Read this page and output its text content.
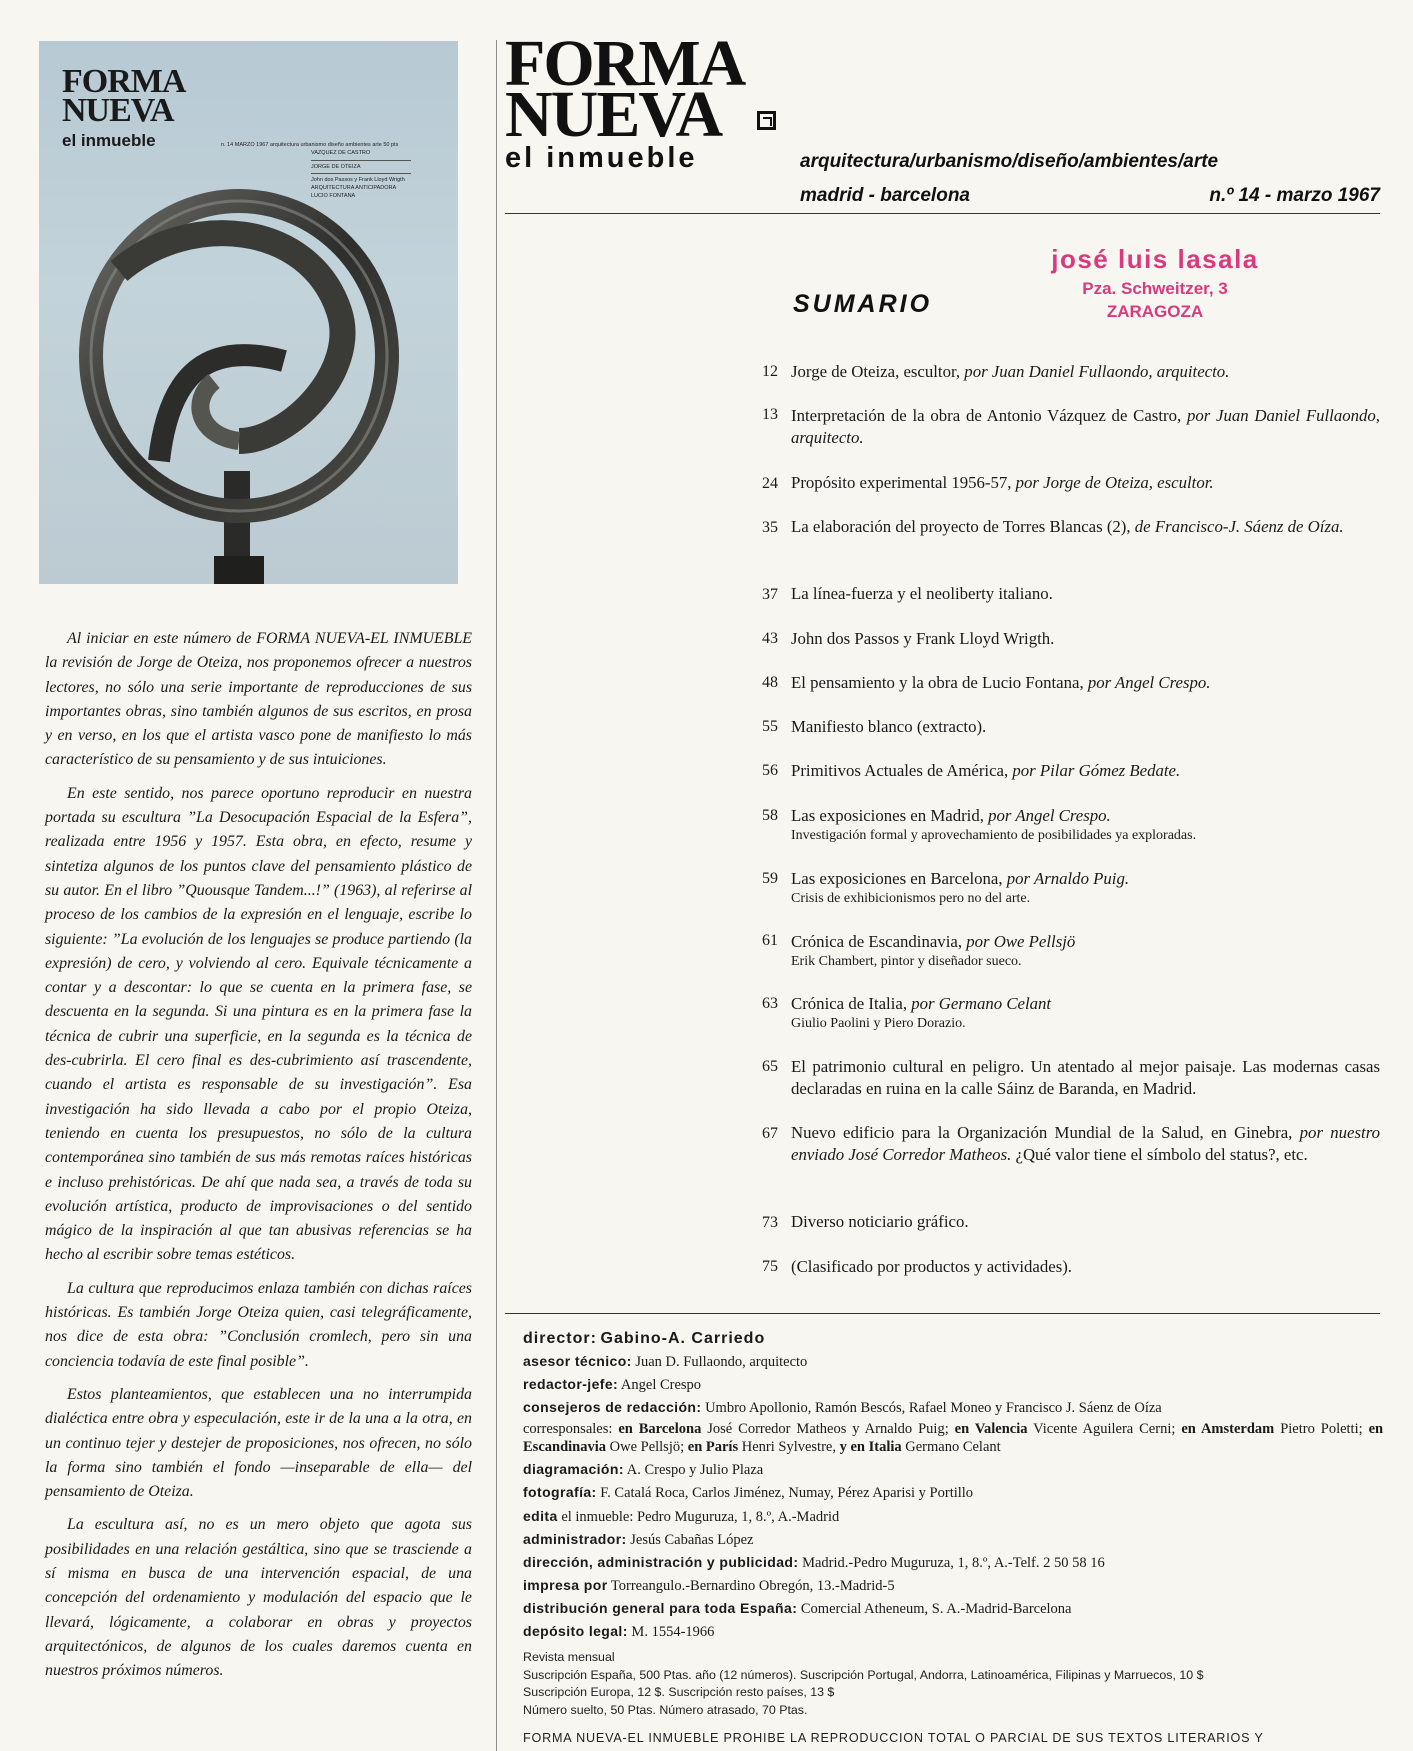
FORMA
NUEVA
el inmueble	n. 14 MARZO 1967 arquitectura urbanismo diseño ambientes arte 50 pts
VAZQUEZ DE CASTRO
JORGE DE OTEIZA
John dos Passos y Frank Lloyd Wrigth
ARQUITECTURA ANTICIPADORA
LUCIO FONTANA

Al iniciar en este número de FORMA NUEVA-EL INMUEBLE la revisión de Jorge de Oteiza, nos proponemos ofrecer a nuestros lectores, no sólo una serie importante de reproducciones de sus importantes obras, sino también algunos de sus escritos, en prosa y en verso, en los que el artista vasco pone de manifiesto lo más característico de su pensamiento y de sus intuiciones.

En este sentido, nos parece oportuno reproducir en nuestra portada su escultura ”La Desocupación Espacial de la Esfera”, realizada entre 1956 y 1957. Esta obra, en efecto, resume y sintetiza algunos de los puntos clave del pensamiento plástico de su autor. En el libro ”Quousque Tandem...!” (1963), al referirse al proceso de los cambios de la expresión en el lenguaje, escribe lo siguiente: ”La evolución de los lenguajes se produce partiendo (la expresión) de cero, y volviendo al cero. Equivale técnicamente a contar y a descontar: lo que se cuenta en la primera fase, se descuenta en la segunda. Si una pintura es en la primera fase la técnica de cubrir una superficie, en la segunda es la técnica de des-cubrirla. El cero final es des-cubrimiento así trascendente, cuando el artista es responsable de su investigación”. Esa investigación ha sido llevada a cabo por el propio Oteiza, teniendo en cuenta los presupuestos, no sólo de la cultura contemporánea sino también de sus más remotas raíces históricas e incluso prehistóricas. De ahí que nada sea, a través de toda su evolución artística, producto de improvisaciones o del sentido mágico de la inspiración al que tan abusivas referencias se ha hecho al escribir sobre temas estéticos.

La cultura que reproducimos enlaza también con dichas raíces históricas. Es también Jorge Oteiza quien, casi telegráficamente, nos dice de esta obra: ”Conclusión cromlech, pero sin una conciencia todavía de este final posible”.

Estos planteamientos, que establecen una no interrumpida dialéctica entre obra y especulación, este ir de la una a la otra, en un continuo tejer y destejer de proposiciones, nos ofrecen, no sólo la forma sino también el fondo —inseparable de ella— del pensamiento de Oteiza.

La escultura así, no es un mero objeto que agota sus posibilidades en una relación gestáltica, sino que se trasciende a sí misma en busca de una intervención espacial, de una concepción del ordenamiento y modulación del espacio que le llevará, lógicamente, a colaborar en obras y proyectos arquitectónicos, de algunos de los cuales daremos cuenta en nuestros próximos números.

FORMA
NUEVA
el inmueble	arquitectura/urbanismo/diseño/ambientes/arte
madrid - barcelona	n.º 14 - marzo 1967
josé luis lasala
Pza. Schweitzer, 3
ZARAGOZA
SUMARIO
12 Jorge de Oteiza, escultor, por Juan Daniel Fullaondo, arquitecto.
13 Interpretación de la obra de Antonio Vázquez de Castro, por Juan Daniel Fullaondo, arquitecto.
24 Propósito experimental 1956-57, por Jorge de Oteiza, escultor.
35 La elaboración del proyecto de Torres Blancas (2), de Francisco-J. Sáenz de Oíza.
37 La línea-fuerza y el neoliberty italiano.
43 John dos Passos y Frank Lloyd Wrigth.
48 El pensamiento y la obra de Lucio Fontana, por Angel Crespo.
55 Manifiesto blanco (extracto).
56 Primitivos Actuales de América, por Pilar Gómez Bedate.
58 Las exposiciones en Madrid, por Angel Crespo.
Investigación formal y aprovechamiento de posibilidades ya exploradas.
59 Las exposiciones en Barcelona, por Arnaldo Puig.
Crisis de exhibicionismos pero no del arte.
61 Crónica de Escandinavia, por Owe Pellsjö
Erik Chambert, pintor y diseñador sueco.
63 Crónica de Italia, por Germano Celant
Giulio Paolini y Piero Dorazio.
65 El patrimonio cultural en peligro. Un atentado al mejor paisaje. Las modernas casas declaradas en ruina en la calle Sáinz de Baranda, en Madrid.
67 Nuevo edificio para la Organización Mundial de la Salud, en Ginebra, por nuestro enviado José Corredor Matheos. ¿Qué valor tiene el símbolo del status?, etc.
73 Diverso noticiario gráfico.
75 (Clasificado por productos y actividades).
director: Gabino-A. Carriedo
asesor técnico: Juan D. Fullaondo, arquitecto
redactor-jefe: Angel Crespo
consejeros de redacción: Umbro Apollonio, Ramón Bescós, Rafael Moneo y Francisco J. Sáenz de Oíza
corresponsales: en Barcelona José Corredor Matheos y Arnaldo Puig; en Valencia Vicente Aguilera Cerni; en Amsterdam Pietro Poletti; en Escandinavia Owe Pellsjö; en París Henri Sylvestre, y en Italia Germano Celant
diagramación: A. Crespo y Julio Plaza
fotografía: F. Catalá Roca, Carlos Jiménez, Numay, Pérez Aparisi y Portillo
edita el inmueble: Pedro Muguruza, 1, 8.º, A.-Madrid
administrador: Jesús Cabañas López
dirección, administración y publicidad: Madrid.-Pedro Muguruza, 1, 8.º, A.-Telf. 2 50 58 16
impresa por Torreangulo.-Bernardino Obregón, 13.-Madrid-5
distribución general para toda España: Comercial Atheneum, S. A.-Madrid-Barcelona
depósito legal: M. 1554-1966
Revista mensual
Suscripción España, 500 Ptas. año (12 números). Suscripción Portugal, Andorra, Latinoamérica, Filipinas y Marruecos, 10 $
Suscripción Europa, 12 $. Suscripción resto países, 13 $
Número suelto, 50 Ptas. Número atrasado, 70 Ptas.
FORMA NUEVA-EL INMUEBLE PROHIBE LA REPRODUCCION TOTAL O PARCIAL DE SUS TEXTOS LITERARIOS Y
